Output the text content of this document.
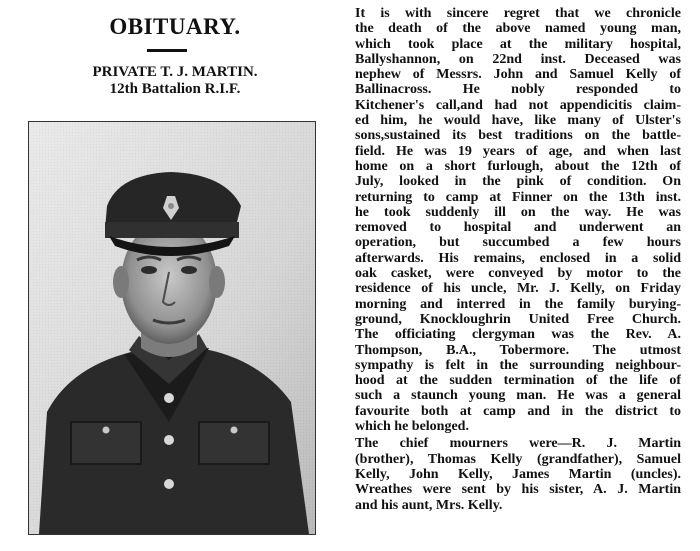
OBITUARY.
PRIVATE T. J. MARTIN.
12th Battalion R.I.F.

It is with sincere regret that we chronicle
the death of the above named young man,
which took place at the military hospital,
Ballyshannon, on 22nd inst. Deceased was
nephew of Messrs. John and Samuel Kelly of
Ballinacross. He nobly responded to
Kitchener's call,and had not appendicitis claim-
ed him, he would have, like many of Ulster's
sons,sustained its best traditions on the battle-
field. He was 19 years of age, and when last
home on a short furlough, about the 12th of
July, looked in the pink of condition. On
returning to camp at Finner on the 13th inst.
he took suddenly ill on the way. He was
removed to hospital and underwent an
operation, but succumbed a few hours
afterwards. His remains, enclosed in a solid
oak casket, were conveyed by motor to the
residence of his uncle, Mr. J. Kelly, on Friday
morning and interred in the family burying-
ground, Knockloughrin United Free Church.
The officiating clergyman was the Rev. A.
Thompson, B.A., Tobermore. The utmost
sympathy is felt in the surrounding neighbour-
hood at the sudden termination of the life of
such a staunch young man. He was a general
favourite both at camp and in the district to
which he belonged.

The chief mourners were—R. J. Martin
(brother), Thomas Kelly (grandfather), Samuel
Kelly, John Kelly, James Martin (uncles).
Wreathes were sent by his sister, A. J. Martin
and his aunt, Mrs. Kelly.
